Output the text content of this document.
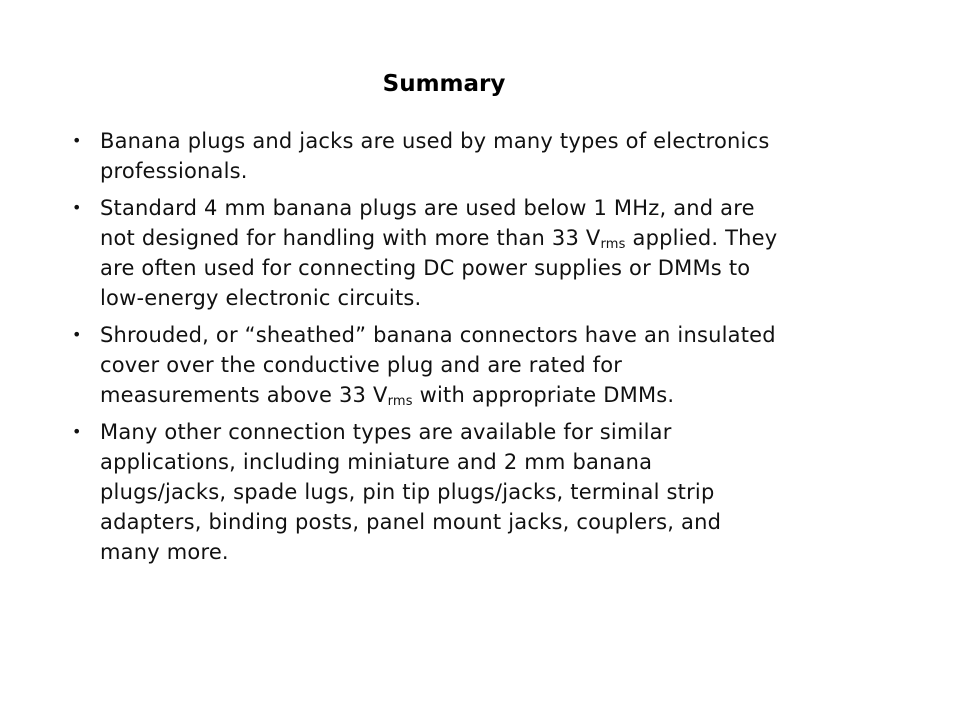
Summary
• Banana plugs and jacks are used by many types of electronics
professionals.
• Standard 4 mm banana plugs are used below 1 MHz, and are
not designed for handling with more than 33 $V_{rms}$ applied. They
are often used for connecting DC power supplies or DMMs to
low-energy electronic circuits.
• Shrouded, or “sheathed” banana connectors have an insulated
cover over the conductive plug and are rated for
measurements above 33 $V_{rms}$ with appropriate DMMs.
• Many other connection types are available for similar
applications, including miniature and 2 mm banana
plugs/jacks, spade lugs, pin tip plugs/jacks, terminal strip
adapters, binding posts, panel mount jacks, couplers, and
many more.
